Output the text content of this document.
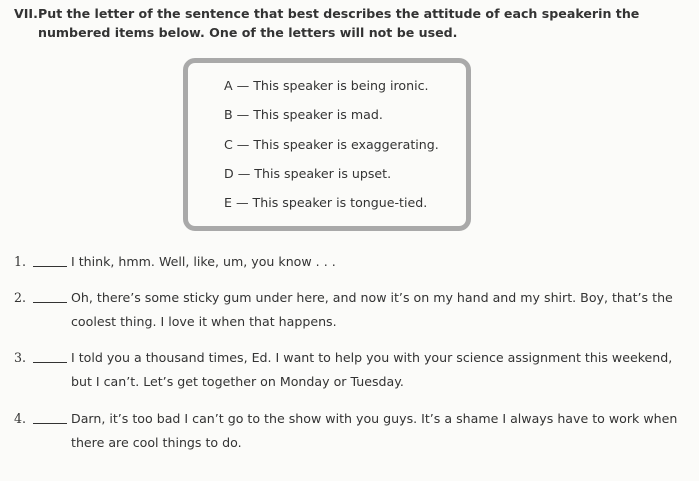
VII. Put the letter of the sentence that best describes the attitude of each speakerin the numbered items below. One of the letters will not be used.
A — This speaker is being ironic.
B — This speaker is mad.
C — This speaker is exaggerating.
D — This speaker is upset.
E — This speaker is tongue-tied.
1.	I think, hmm. Well, like, um, you know . . .
2.	Oh, there’s some sticky gum under here, and now it’s on my hand and my shirt. Boy, that’s the coolest thing. I love it when that happens.
3.	I told you a thousand times, Ed. I want to help you with your science assignment this weekend, but I can’t. Let’s get together on Monday or Tuesday.
4.	Darn, it’s too bad I can’t go to the show with you guys. It’s a shame I always have to work when there are cool things to do.
